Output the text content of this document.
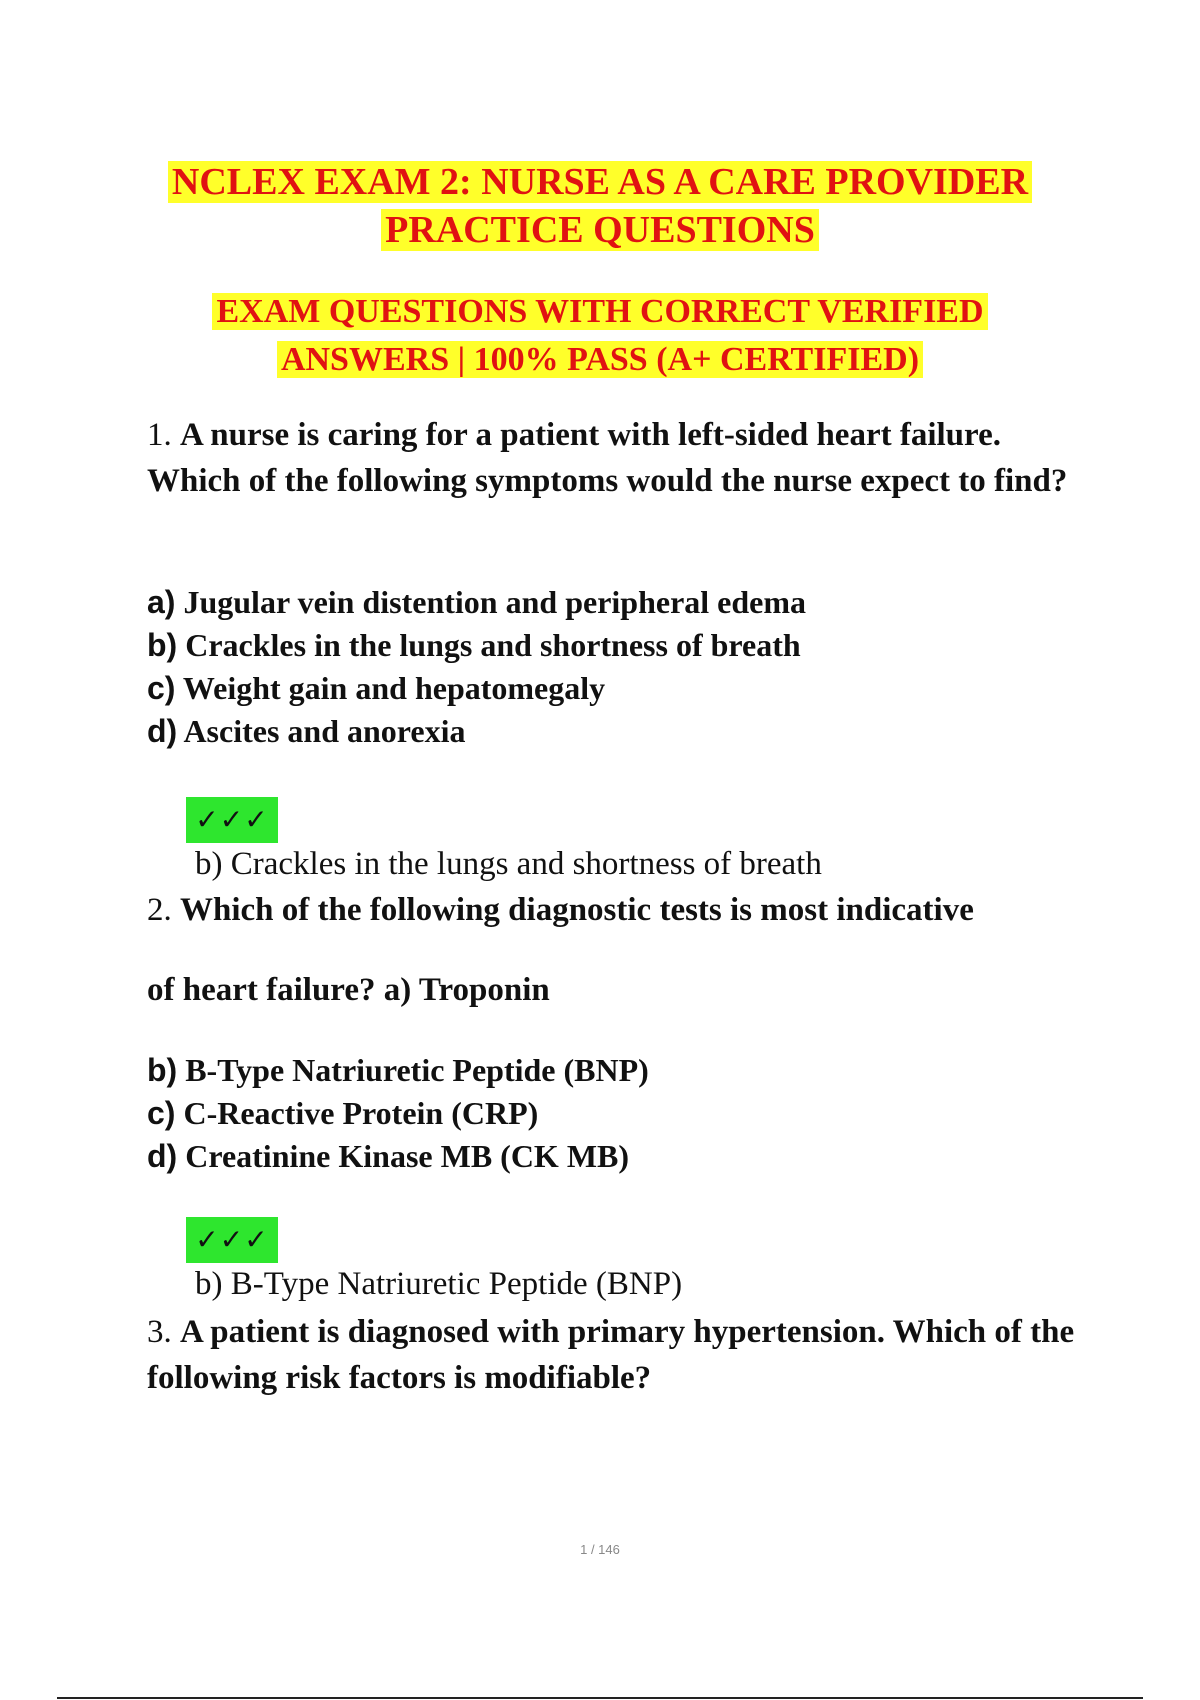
NCLEX EXAM 2: NURSE AS A CARE PROVIDER
PRACTICE QUESTIONS
EXAM QUESTIONS WITH CORRECT VERIFIED
ANSWERS | 100% PASS (A+ CERTIFIED)
1. A nurse is caring for a patient with left-sided heart failure. Which of the following symptoms would the nurse expect to find?
a) Jugular vein distention and peripheral edema
b) Crackles in the lungs and shortness of breath
c) Weight gain and hepatomegaly
d) Ascites and anorexia
✓✓✓
b) Crackles in the lungs and shortness of breath
2. Which of the following diagnostic tests is most indicative
of heart failure? a) Troponin
b) B-Type Natriuretic Peptide (BNP)
c) C-Reactive Protein (CRP)
d) Creatinine Kinase MB (CK MB)
✓✓✓
b) B-Type Natriuretic Peptide (BNP)
3. A patient is diagnosed with primary hypertension. Which of the following risk factors is modifiable?
1 / 146
